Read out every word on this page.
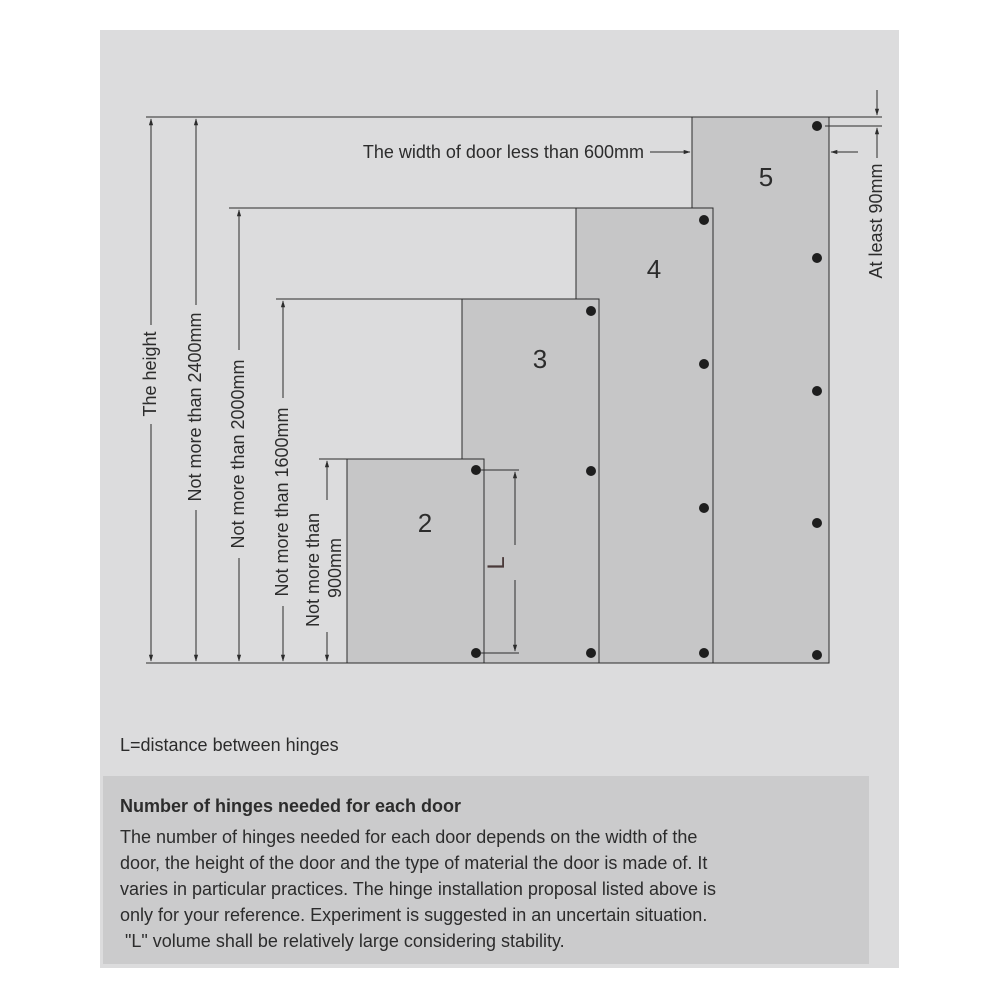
2
3
4
5
The height Not more than 2400mm Not more than 2000mm Not more than 1600mm Not more than 900mm
At least 90mm
The width of door less than 600mm
L
L=distance between hinges

Number of hinges needed for each door

The number of hinges needed for each door depends on the width of the
door, the height of the door and the type of material the door is made of. It
varies in particular practices. The hinge installation proposal listed above is
only for your reference. Experiment is suggested in an uncertain situation.
"L" volume shall be relatively large considering stability.
